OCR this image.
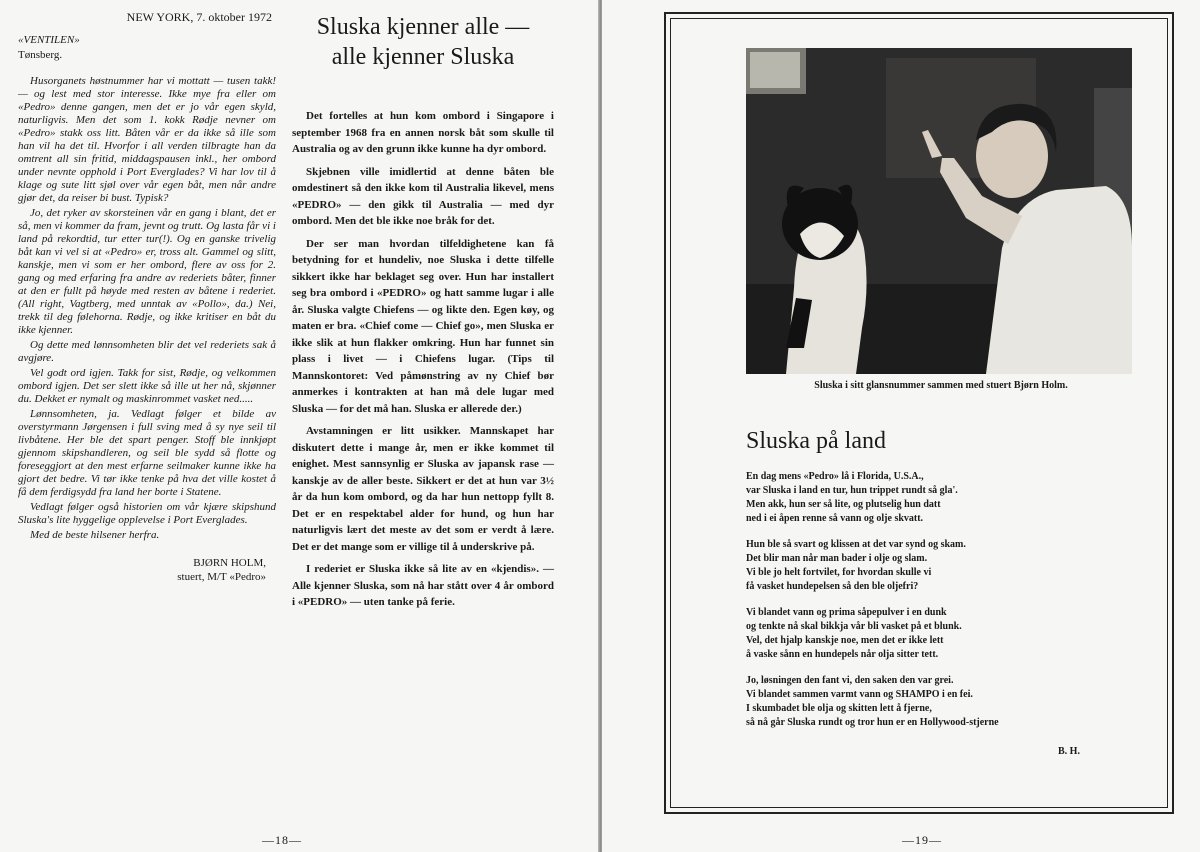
NEW YORK, 7. oktober 1972
«VENTILEN»
Tønsberg.

Husorganets høstnummer har vi mottatt — tusen takk! — og lest med stor interesse. Ikke mye fra eller om «Pedro» denne gangen, men det er jo vår egen skyld, naturligvis. Men det som 1. kokk Rødje nevner om «Pedro» stakk oss litt. Båten vår er da ikke så ille som han vil ha det til. Hvorfor i all verden tilbragte han da omtrent all sin fritid, middagspausen inkl., her ombord under nevnte opphold i Port Everglades? Vi har lov til å klage og sute litt sjøl over vår egen båt, men når andre gjør det, da reiser bi bust. Typisk?

Jo, det ryker av skorsteinen vår en gang i blant, det er så, men vi kommer da fram, jevnt og trutt. Og lasta får vi i land på rekordtid, tur etter tur(!). Og en ganske trivelig båt kan vi vel si at «Pedro» er, tross alt. Gammel og slitt, kanskje, men vi som er her ombord, flere av oss for 2. gang og med erfaring fra andre av rederiets båter, finner at den er fullt på høyde med resten av båtene i rederiet. (All right, Vagtberg, med unntak av «Pollo», da.) Nei, trekk til deg følehorna. Rødje, og ikke kritiser en båt du ikke kjenner.

Og dette med lønnsomheten blir det vel rederiets sak å avgjøre.

Vel godt ord igjen. Takk for sist, Rødje, og velkommen ombord igjen. Det ser slett ikke så ille ut her nå, skjønner du. Dekket er nymalt og maskinrommet vasket ned.....

Lønnsomheten, ja. Vedlagt følger et bilde av overstyrmann Jørgensen i full sving med å sy nye seil til livbåtene. Her ble det spart penger. Stoff ble innkjøpt gjennom skipshandleren, og seil ble sydd så flotte og foreseggjort at den mest erfarne seilmaker kunne ikke ha gjort det bedre. Vi tør ikke tenke på hva det ville kostet å få dem ferdigsydd fra land her borte i Statene.

Vedlagt følger også historien om vår kjære skipshund Sluska's lite hyggelige opplevelse i Port Everglades.

Med de beste hilsener herfra.

BJØRN HOLM,
stuert, M/T «Pedro»
Sluska kjenner alle —
alle kjenner Sluska

Det fortelles at hun kom ombord i Singapore i september 1968 fra en annen norsk båt som skulle til Australia og av den grunn ikke kunne ha dyr ombord.

Skjebnen ville imidlertid at denne båten ble omdestinert så den ikke kom til Australia likevel, mens «PEDRO» — den gikk til Australia — med dyr ombord. Men det ble ikke noe bråk for det.

Der ser man hvordan tilfeldighetene kan få betydning for et hundeliv, noe Sluska i dette tilfelle sikkert ikke har beklaget seg over. Hun har installert seg bra ombord i «PEDRO» og hatt samme lugar i alle år. Sluska valgte Chiefens — og likte den. Egen køy, og maten er bra. «Chief come — Chief go», men Sluska er ikke slik at hun flakker omkring. Hun har funnet sin plass i livet — i Chiefens lugar. (Tips til Mannskontoret: Ved påmønstring av ny Chief bør anmerkes i kontrakten at han må dele lugar med Sluska — for det må han. Sluska er allerede der.)

Avstamningen er litt usikker. Mannskapet har diskutert dette i mange år, men er ikke kommet til enighet. Mest sannsynlig er Sluska av japansk rase — kanskje av de aller beste. Sikkert er det at hun var 3½ år da hun kom ombord, og da har hun nettopp fyllt 8. Det er en respektabel alder for hund, og hun har naturligvis lært det meste av det som er verdt å lære. Det er det mange som er villige til å underskrive på.

I rederiet er Sluska ikke så lite av en «kjendis». — Alle kjenner Sluska, som nå har stått over 4 år ombord i «PEDRO» — uten tanke på ferie.

—18—
Sluska i sitt glansnummer sammen med stuert Bjørn Holm.
Sluska på land
En dag mens «Pedro» lå i Florida, U.S.A.,
var Sluska i land en tur, hun trippet rundt så gla'.
Men akk, hun ser så lite, og plutselig hun datt
ned i ei åpen renne så vann og olje skvatt.
Hun ble så svart og klissen at det var synd og skam.
Det blir man når man bader i olje og slam.
Vi ble jo helt fortvilet, for hvordan skulle vi
få vasket hundepelsen så den ble oljefri?
Vi blandet vann og prima såpepulver i en dunk
og tenkte nå skal bikkja vår bli vasket på et blunk.
Vel, det hjalp kanskje noe, men det er ikke lett
å vaske sånn en hundepels når olja sitter tett.
Jo, løsningen den fant vi, den saken den var grei.
Vi blandet sammen varmt vann og SHAMPO i en fei.
I skumbadet ble olja og skitten lett å fjerne,
så nå går Sluska rundt og tror hun er en Hollywood-stjerne
B. H.
—19—
